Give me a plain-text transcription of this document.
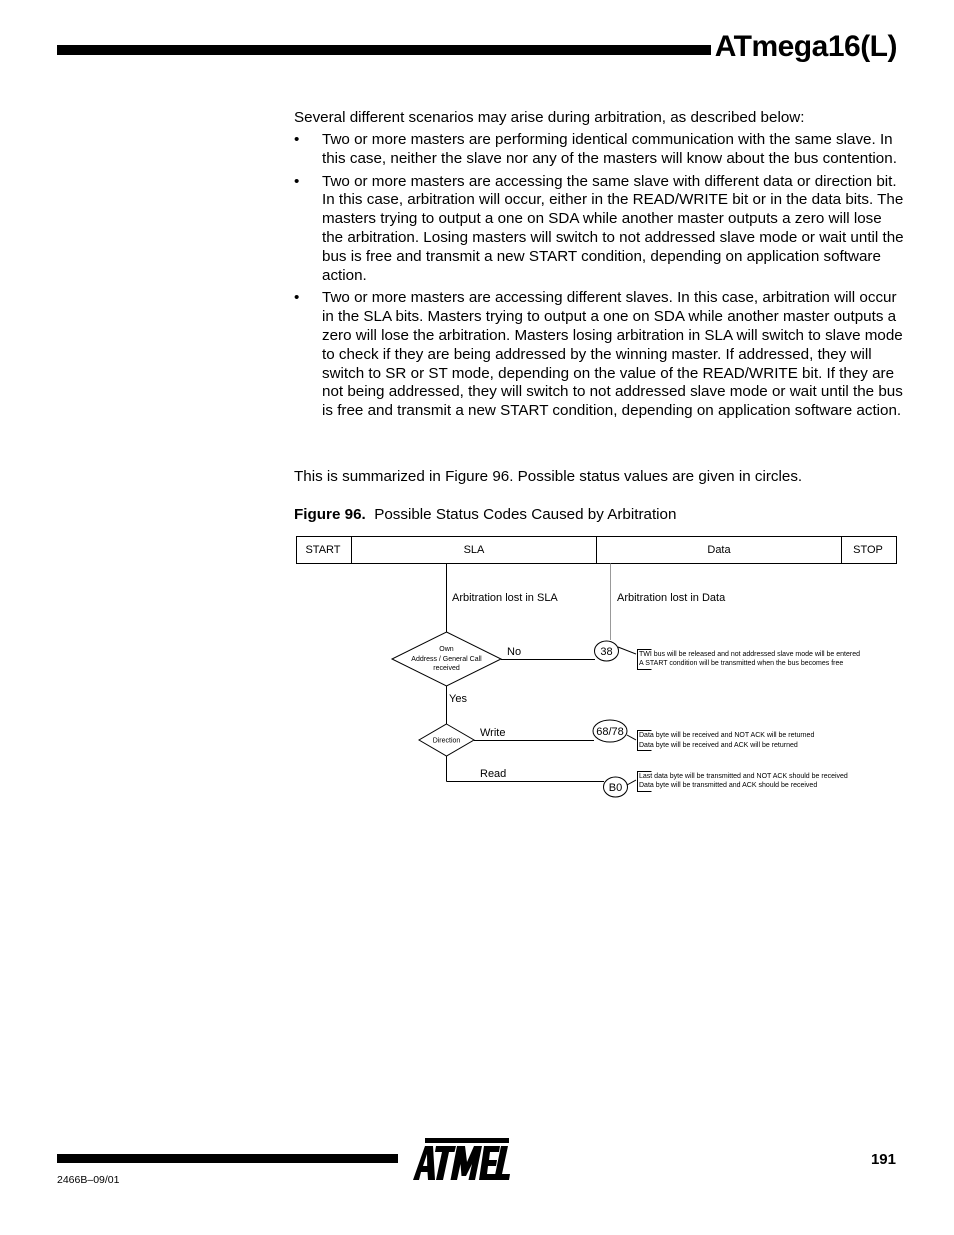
ATmega16(L)
Several different scenarios may arise during arbitration, as described below:
• Two or more masters are performing identical communication with the same slave. In this case, neither the slave nor any of the masters will know about the bus contention.
• Two or more masters are accessing the same slave with different data or direction bit. In this case, arbitration will occur, either in the READ/WRITE bit or in the data bits. The masters trying to output a one on SDA while another master outputs a zero will lose the arbitration. Losing masters will switch to not addressed slave mode or wait until the bus is free and transmit a new START condition, depending on application software action.
• Two or more masters are accessing different slaves. In this case, arbitration will occur in the SLA bits. Masters trying to output a one on SDA while another master outputs a zero will lose the arbitration. Masters losing arbitration in SLA will switch to slave mode to check if they are being addressed by the winning master. If addressed, they will switch to SR or ST mode, depending on the value of the READ/WRITE bit. If they are not being addressed, they will switch to not addressed slave mode or wait until the bus is free and transmit a new START condition, depending on application software action.
This is summarized in Figure 96. Possible status values are given in circles.
Figure 96. Possible Status Codes Caused by Arbitration
START	SLA	Data	STOP
Arbitration lost in SLA	Arbitration lost in Data
Own
Address / General Call
received
No
Yes
Direction
Write
Read
38
68/78
B0
TWI bus will be released and not addressed slave mode will be entered
A START condition will be transmitted when the bus becomes free
Data byte will be received and NOT ACK will be returned
Data byte will be received and ACK will be returned
Last data byte will be transmitted and NOT ACK should be received
Data byte will be transmitted and ACK should be received
2466B–09/01
191
